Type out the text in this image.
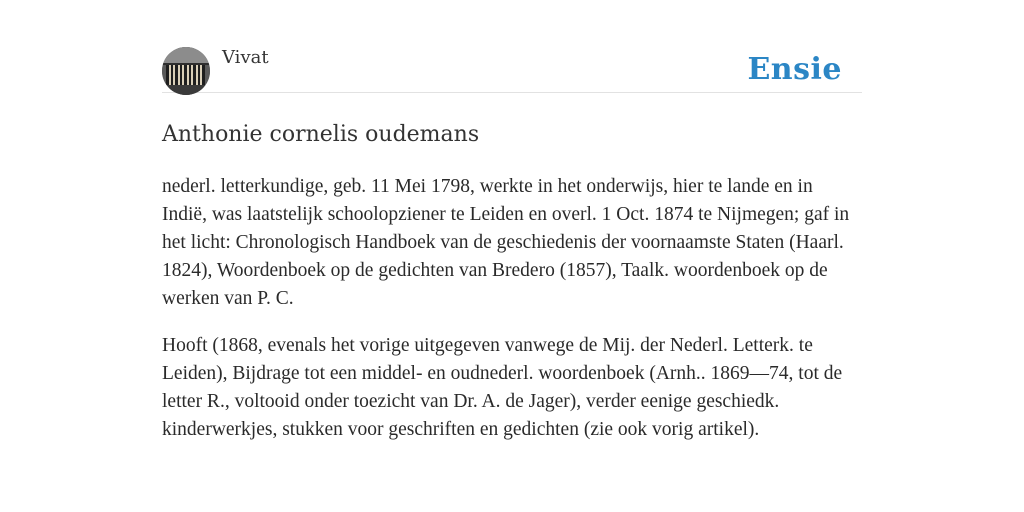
Vivat	Ensie
Anthonie cornelis oudemans

nederl. letterkundige, geb. 11 Mei 1798, werkte in het onderwijs, hier te lande en in Indië, was laatstelijk schoolopziener te Leiden en overl. 1 Oct. 1874 te Nijmegen; gaf in het licht: Chronologisch Handboek van de geschiedenis der voornaamste Staten (Haarl. 1824), Woordenboek op de gedichten van Bredero (1857), Taalk. woordenboek op de werken van P. C.

Hooft (1868, evenals het vorige uitgegeven vanwege de Mij. der Nederl. Letterk. te Leiden), Bijdrage tot een middel- en oudnederl. woordenboek (Arnh.. 1869—74, tot de letter R., voltooid onder toezicht van Dr. A. de Jager), verder eenige geschiedk. kinderwerkjes, stukken voor geschriften en gedichten (zie ook vorig artikel).
